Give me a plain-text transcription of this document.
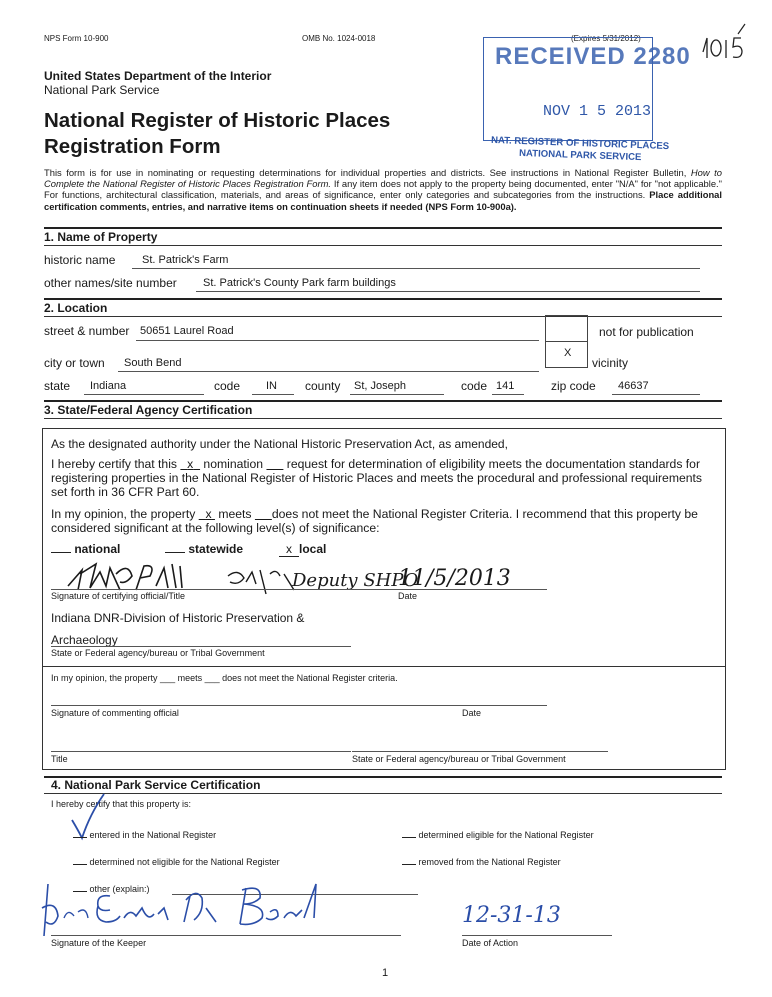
NPS Form 10-900	OMB No. 1024-0018	(Expires 5/31/2012)
United States Department of the Interior
National Park Service
National Register of Historic Places
Registration Form
RECEIVED 2280
NOV 1 5 2013
NAT. REGISTER OF HISTORIC PLACES
NATIONAL PARK SERVICE
This form is for use in nominating or requesting determinations for individual properties and districts. See instructions in National Register Bulletin, How to Complete the National Register of Historic Places Registration Form. If any item does not apply to the property being documented, enter "N/A" for "not applicable." For functions, architectural classification, materials, and areas of significance, enter only categories and subcategories from the instructions. Place additional certification comments, entries, and narrative items on continuation sheets if needed (NPS Form 10-900a).
1. Name of Property
historic name St. Patrick's Farm
other names/site number St. Patrick's County Park farm buildings
2. Location
street & number 50651 Laurel Road	not for publication
city or town South Bend
X
vicinity
state Indiana	code IN county St, Joseph	code 141	zip code 46637
3. State/Federal Agency Certification
As the designated authority under the National Historic Preservation Act, as amended,
I hereby certify that this   x   nomination       request for determination of eligibility meets the documentation standards for registering properties in the National Register of Historic Places and meets the procedural and professional requirements set forth in 36 CFR Part 60.
In my opinion, the property   x  meets      does not meet the National Register Criteria. I recommend that this property be considered significant at the following level(s) of significance:
national	statewide	x local
Deputy SHPO
11/5/2013
Signature of certifying official/Title	Date
Indiana DNR-Division of Historic Preservation &
Archaeology
State or Federal agency/bureau or Tribal Government
In my opinion, the property ___ meets ___ does not meet the National Register criteria.
Signature of commenting official	Date
Title	State or Federal agency/bureau or Tribal Government
4. National Park Service Certification
I hereby certify that this property is:
entered in the National Register	determined eligible for the National Register
determined not eligible for the National Register	removed from the National Register
other (explain:)
12-31-13
Signature of the Keeper	Date of Action
1
